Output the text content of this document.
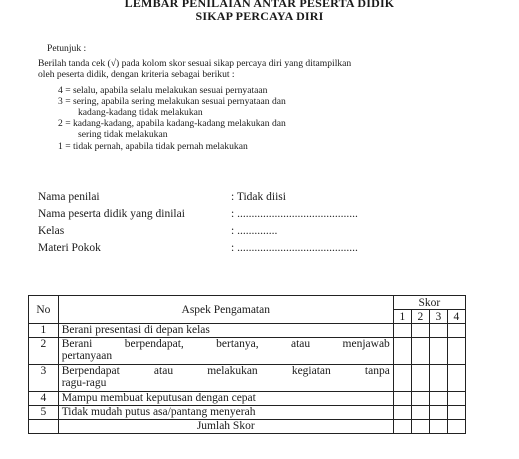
LEMBAR PENILAIAN ANTAR PESERTA DIDIK
SIKAP PERCAYA DIRI
Petunjuk :
Berilah tanda cek (√) pada kolom skor sesuai sikap percaya diri yang ditampilkan
oleh peserta didik, dengan kriteria sebagai berikut :
4 = selalu, apabila selalu melakukan sesuai pernyataan
3 = sering, apabila sering melakukan sesuai pernyataan dan
kadang-kadang tidak melakukan
2 = kadang-kadang, apabila kadang-kadang melakukan dan
sering tidak melakukan
1 = tidak pernah, apabila tidak pernah melakukan
Nama penilai	: Tidak diisi
Nama peserta didik yang dinilai	: ..........................................
Kelas	: ..............
Materi Pokok	: ..........................................
No	Aspek Pengamatan	Skor			
		1	2	3	4
1	Berani presentasi di depan kelas				
2	Berani berpendapat, bertanya, atau menjawab
pertanyaan				

3	Berpendapat atau melakukan kegiatan tanpa
ragu-ragu				

4	Mampu membuat keputusan dengan cepat				
5	Tidak mudah putus asa/pantang menyerah				
	Jumlah Skor				
